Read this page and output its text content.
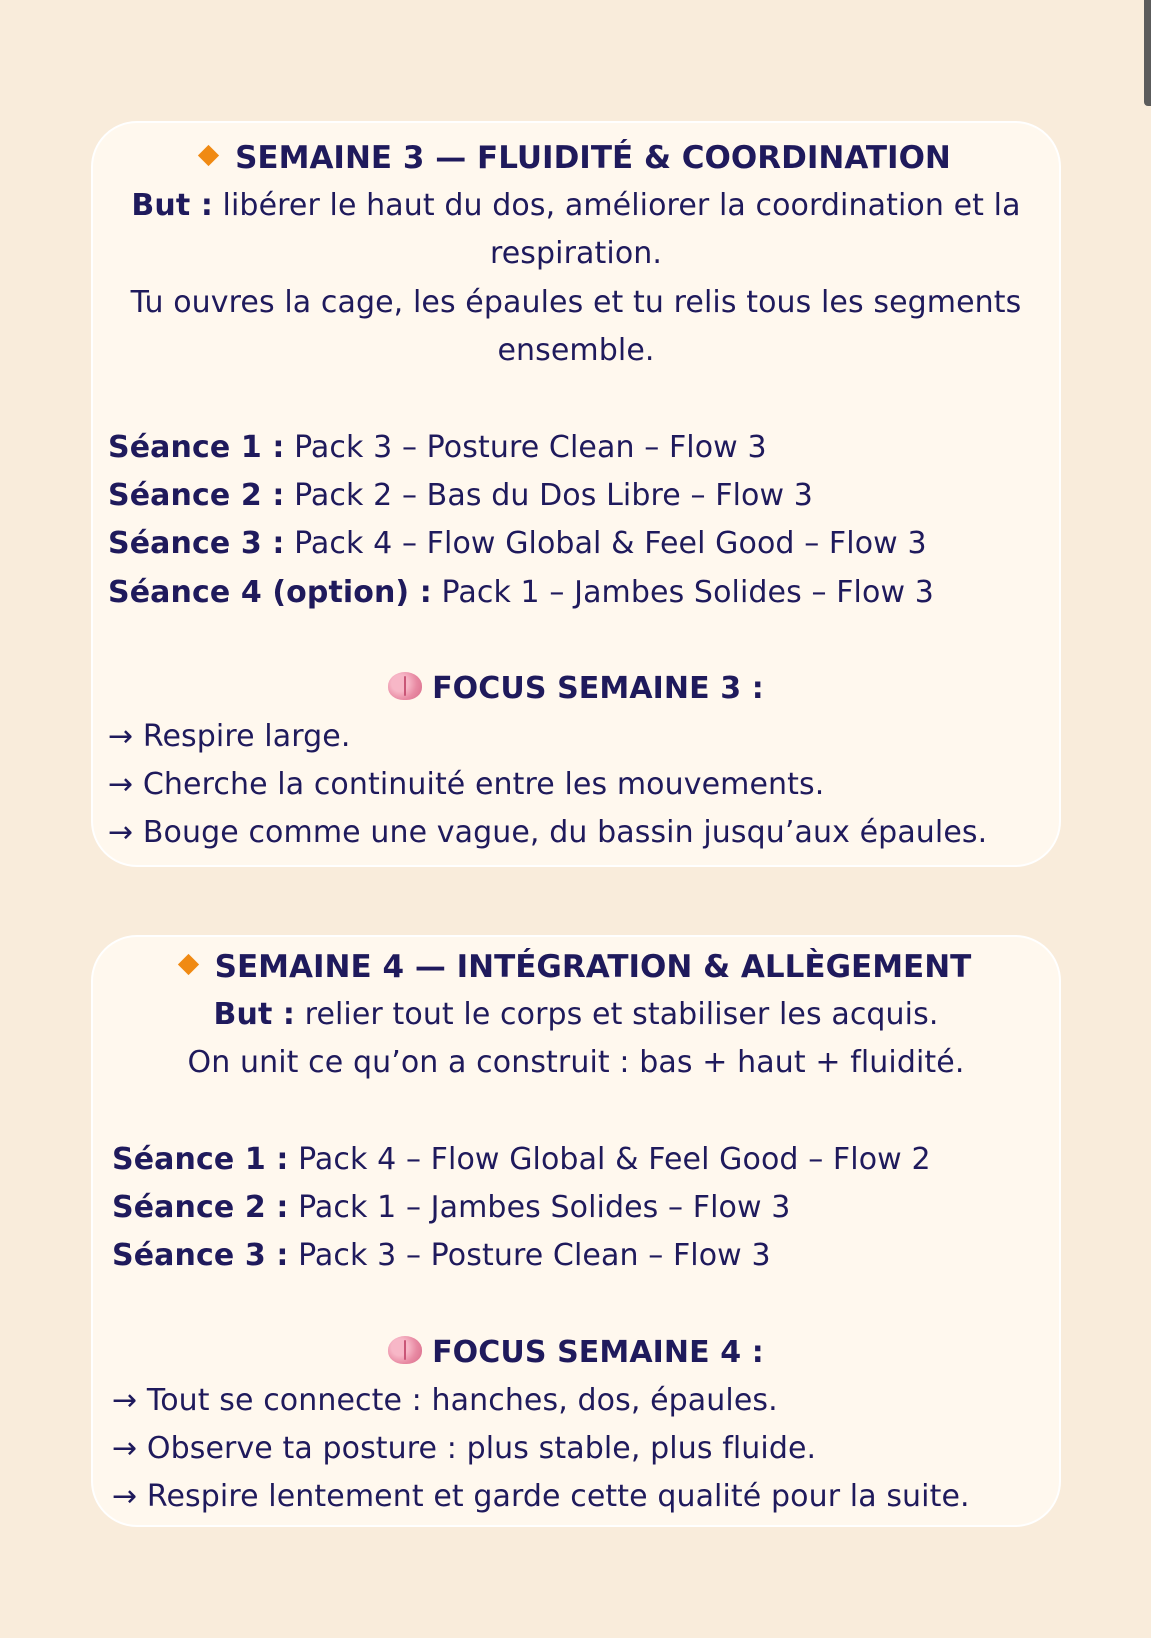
SEMAINE 3 — FLUIDITÉ & COORDINATION
But : libérer le haut du dos, améliorer la coordination et la
respiration.
Tu ouvres la cage, les épaules et tu relis tous les segments
ensemble.
Séance 1 : Pack 3 – Posture Clean – Flow 3
Séance 2 : Pack 2 – Bas du Dos Libre – Flow 3
Séance 3 : Pack 4 – Flow Global & Feel Good – Flow 3
Séance 4 (option) : Pack 1 – Jambes Solides – Flow 3
FOCUS SEMAINE 3 :
→ Respire large.
→ Cherche la continuité entre les mouvements.
→ Bouge comme une vague, du bassin jusqu’aux épaules.
SEMAINE 4 — INTÉGRATION & ALLÈGEMENT
But : relier tout le corps et stabiliser les acquis.
On unit ce qu’on a construit : bas + haut + fluidité.
Séance 1 : Pack 4 – Flow Global & Feel Good – Flow 2
Séance 2 : Pack 1 – Jambes Solides – Flow 3
Séance 3 : Pack 3 – Posture Clean – Flow 3
FOCUS SEMAINE 4 :
→ Tout se connecte : hanches, dos, épaules.
→ Observe ta posture : plus stable, plus fluide.
→ Respire lentement et garde cette qualité pour la suite.
